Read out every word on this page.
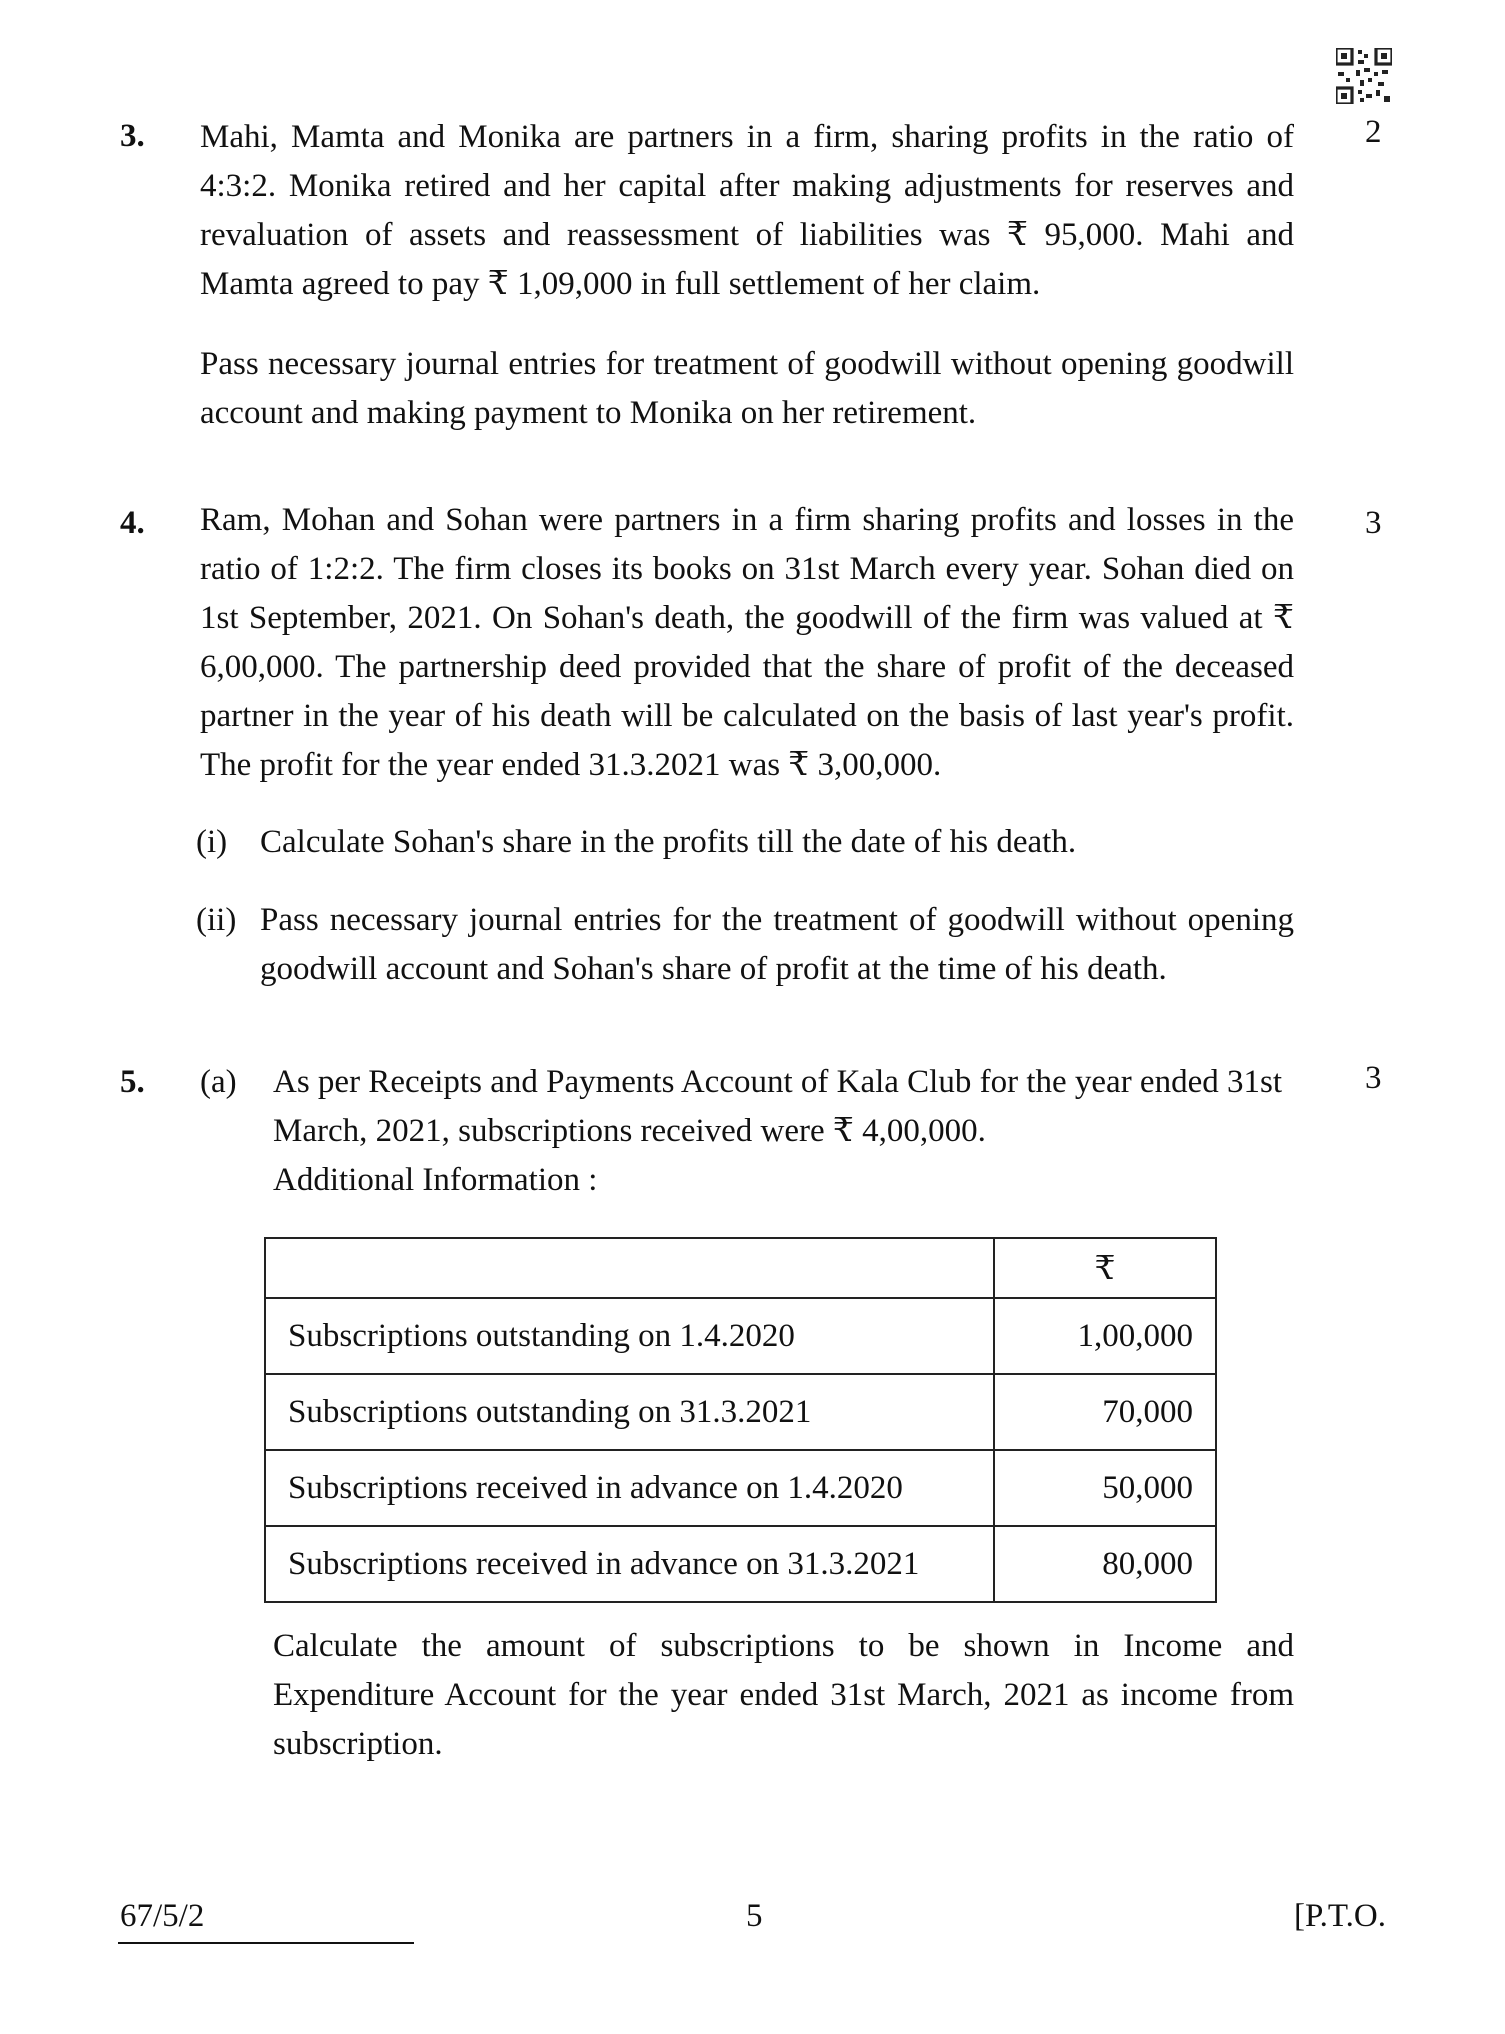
3.	2

Mahi, Mamta and Monika are partners in a firm, sharing profits in the ratio of 4:3:2. Monika retired and her capital after making adjustments for reserves and revaluation of assets and reassessment of liabilities was ₹ 95,000. Mahi and Mamta agreed to pay ₹ 1,09,000 in full settlement of her claim.

Pass necessary journal entries for treatment of goodwill without opening goodwill account and making payment to Monika on her retirement.

4.	3

Ram, Mohan and Sohan were partners in a firm sharing profits and losses in the ratio of 1:2:2. The firm closes its books on 31st March every year. Sohan died on 1st September, 2021. On Sohan's death, the goodwill of the firm was valued at ₹ 6,00,000. The partnership deed provided that the share of profit of the deceased partner in the year of his death will be calculated on the basis of last year's profit. The profit for the year ended 31.3.2021 was ₹ 3,00,000.

(i) Calculate Sohan's share in the profits till the date of his death.

(ii) Pass necessary journal entries for the treatment of goodwill without opening goodwill account and Sohan's share of profit at the time of his death.

5.	3
(a) As per Receipts and Payments Account of Kala Club for the year ended 31st March, 2021, subscriptions received were ₹ 4,00,000.

Additional Information :

	₹
Subscriptions outstanding on 1.4.2020	1,00,000
Subscriptions outstanding on 31.3.2021	70,000
Subscriptions received in advance on 1.4.2020	50,000
Subscriptions received in advance on 31.3.2021	80,000

Calculate the amount of subscriptions to be shown in Income and Expenditure Account for the year ended 31st March, 2021 as income from subscription.

67/5/2	5	[P.T.O.
